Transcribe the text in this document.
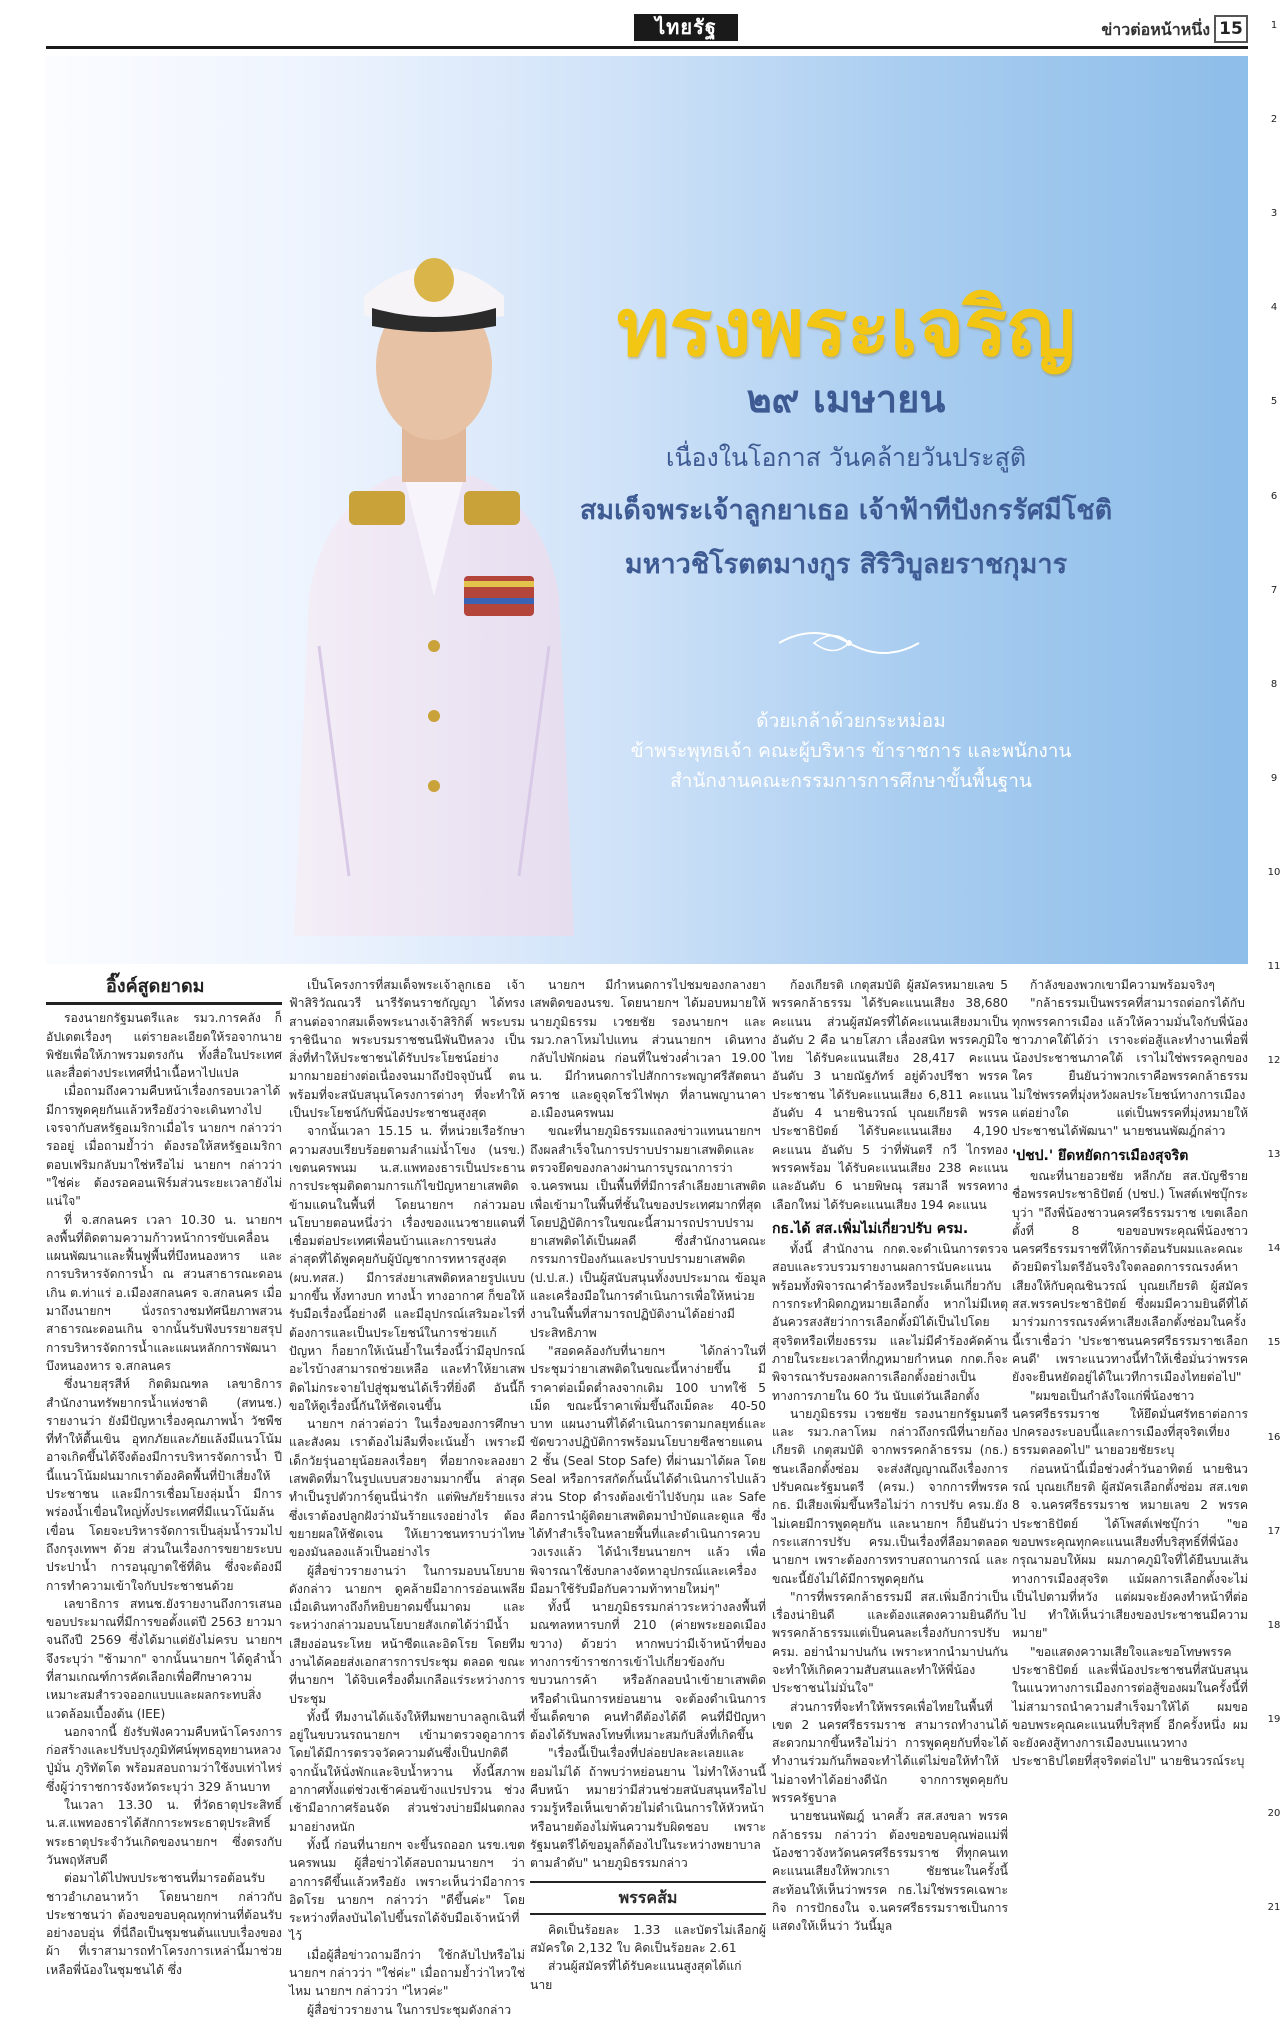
ไทยรัฐ	ข่าวต่อหน้าหนึ่ง 15	1
2
3
4
5
6
7
8
9
10
11
12
13
14
15
16
17
18
19
20
21
ทรงพระเจริญ
๒๙ เมษายน
เนื่องในโอกาส วันคล้ายวันประสูติ
สมเด็จพระเจ้าลูกยาเธอ เจ้าฟ้าทีปังกรรัศมีโชติ
มหาวชิโรตตมางกูร สิริวิบูลยราชกุมาร
ด้วยเกล้าด้วยกระหม่อม
ข้าพระพุทธเจ้า คณะผู้บริหาร ข้าราชการ และพนักงาน
สำนักงานคณะกรรมการการศึกษาขั้นพื้นฐาน
อิ๊งค์สูดยาดม

รองนายกรัฐมนตรีและ รมว.การคลัง ก็อัปเดตเรื่องๆ แต่รายละเอียดให้รอจากนายพิชัยเพื่อให้ภาพรวมตรงกัน ทั้งสื่อในประเทศและสื่อต่างประเทศที่นำเนื้อหาไปแปล

เมื่อถามถึงความคืบหน้าเรื่องกรอบเวลาได้มีการพูดคุยกันแล้วหรือยังว่าจะเดินทางไปเจรจากับสหรัฐอเมริกาเมื่อไร นายกฯ กล่าวว่า รออยู่ เมื่อถามย้ำว่า ต้องรอให้สหรัฐอเมริกาตอบเฟริมกลับมาใช่หรือไม่ นายกฯ กล่าวว่า "ใช่ค่ะ ต้องรอคอนเฟิร์มส่วนระยะเวลายังไม่แน่ใจ"

ที่ จ.สกลนคร เวลา 10.30 น. นายกฯ ลงพื้นที่ติดตามความก้าวหน้าการขับเคลื่อนแผนพัฒนาและฟื้นฟูพื้นที่บึงหนองหาร และการบริหารจัดการน้ำ ณ สวนสาธารณะดอนเกิน ต.ท่าแร่ อ.เมืองสกลนคร จ.สกลนคร เมื่อมาถึงนายกฯ นั่งรถรางชมทัศนียภาพสวนสาธารณะดอนเกิน จากนั้นรับฟังบรรยายสรุปการบริหารจัดการน้ำและแผนหลักการพัฒนาบึงหนองหาร จ.สกลนคร

ซึ่งนายสุรสีห์ กิตติมณฑล เลขาธิการสำนักงานทรัพยากรน้ำแห่งชาติ (สทนช.) รายงานว่า ยังมีปัญหาเรื่องคุณภาพน้ำ วัชพืชที่ทำให้ตื้นเขิน อุทกภัยและภัยแล้งมีแนวโน้มอาจเกิดขึ้นได้จึงต้องมีการบริหารจัดการน้ำ ปีนี้แนวโน้มฝนมากเราต้องคิดพื้นที่ป้าเสี่ยงให้ประชาชน และมีการเชื่อมโยงลุ่มน้ำ มีการพร่องน้ำเขื่อนใหญ่ทั้งประเทศที่มีแนวโน้มล้นเขื่อน โดยจะบริหารจัดการเป็นลุ่มน้ำรวมไปถึงกรุงเทพฯ ด้วย ส่วนในเรื่องการขยายระบบประปาน้ำ การอนุญาตใช้ที่ดิน ซึ่งจะต้องมีการทำความเข้าใจกับประชาชนด้วย

เลขาธิการ สทนช.ยังรายงานถึงการเสนอขอบประมาณที่มีการขอตั้งแต่ปี 2563 ยาวมาจนถึงปี 2569 ซึ่งได้มาแต่ยังไม่ครบ นายกฯ จึงระบุว่า "ช้ามาก" จากนั้นนายกฯ ได้ดูลำน้ำที่สามเกณฑ์การคัดเลือกเพื่อศึกษาความเหมาะสมสำรวจออกแบบและผลกระทบสิ่งแวดล้อมเบื้องต้น (IEE)

นอกจากนี้ ยังรับฟังความคืบหน้าโครงการก่อสร้างและปรับปรุงภูมิทัศน์พุทธอุทยานหลวงปู่มั่น ภูริทัตโต พร้อมสอบถามว่าใช้งบเท่าไหร่ ซึ่งผู้ว่าราชการจังหวัดระบุว่า 329 ล้านบาท

ในเวลา 13.30 น. ที่วัดธาตุประสิทธิ์ น.ส.แพทองธารได้สักการะพระธาตุประสิทธิ์ พระธาตุประจำวันเกิดของนายกฯ ซึ่งตรงกับวันพฤหัสบดี

ต่อมาได้ไปพบประชาชนที่มารอต้อนรับ ชาวอำเภอนาหว้า โดยนายกฯ กล่าวกับประชาชนว่า ต้องขอขอบคุณทุกท่านที่ต้อนรับอย่างอบอุ่น ที่นี่ถือเป็นชุมชนต้นแบบเรื่องของผ้า ที่เราสามารถทำโครงการเหล่านี้มาช่วยเหลือพี่น้องในชุมชนได้ ซึ่ง

เป็นโครงการที่สมเด็จพระเจ้าลูกเธอ เจ้าฟ้าสิริวัณณวรี นารีรัตนราชกัญญา ได้ทรงสานต่อจากสมเด็จพระนางเจ้าสิริกิติ์ พระบรมราชินีนาถ พระบรมราชชนนีพันปีหลวง เป็นสิ่งที่ทำให้ประชาชนได้รับประโยชน์อย่างมากมายอย่างต่อเนื่องจนมาถึงปัจจุบันนี้ ตนพร้อมที่จะสนับสนุนโครงการต่างๆ ที่จะทำให้เป็นประโยชน์กับพี่น้องประชาชนสูงสุด

จากนั้นเวลา 15.15 น. ที่หน่วยเรือรักษาความสงบเรียบร้อยตามลำแม่น้ำโขง (นรข.) เขตนครพนม น.ส.แพทองธารเป็นประธานการประชุมติดตามการแก้ไขปัญหายาเสพติดข้ามแดนในพื้นที่ โดยนายกฯ กล่าวมอบนโยบายตอนหนึ่งว่า เรื่องของแนวชายแดนที่เชื่อมต่อประเทศเพื่อนบ้านและการขนส่ง ล่าสุดที่ได้พูดคุยกับผู้บัญชาการทหารสูงสุด (ผบ.ทสส.) มีการส่งยาเสพติดหลายรูปแบบมากขึ้น ทั้งทางบก ทางน้ำ ทางอากาศ ก็ขอให้รับมือเรื่องนี้อย่างดี และมีอุปกรณ์เสริมอะไรที่ต้องการและเป็นประโยชน์ในการช่วยแก้ปัญหา ก็อยากให้เน้นย้ำในเรื่องนี้ว่ามีอุปกรณ์อะไรบ้างสามารถช่วยเหลือ และทำให้ยาเสพติดไม่กระจายไปสู่ชุมชนได้เร็วที่ยิ่งดี อันนี้ก็ขอให้ดูเรื่องนี้กันให้ชัดเจนขึ้น

นายกฯ กล่าวต่อว่า ในเรื่องของการศึกษาและสังคม เราต้องไม่ลืมที่จะเน้นย้ำ เพราะมีเด็กวัยรุ่นอายุน้อยลงเรื่อยๆ ที่อยากจะลองยาเสพติดที่มาในรูปแบบสวยงามมากขึ้น ล่าสุดทำเป็นรูปตัวการ์ตูนนี่น่ารัก แต่พิษภัยร้ายแรง ซึ่งเราต้องปลูกฝังว่ามันร้ายแรงอย่างไร ต้องขยายผลให้ชัดเจน ให้เยาวชนทราบว่าไทษของมันลองแล้วเป็นอย่างไร

ผู้สื่อข่าวรายงานว่า ในการมอบนโยบายดังกล่าว นายกฯ ดูคล้ายมีอาการอ่อนเพลีย เมื่อเดินทางถึงก็หยิบยาดมขึ้นมาดม และระหว่างกล่าวมอบนโยบายสังเกตได้ว่ามีน้ำเสียงอ่อนระโหย หน้าซีดและอิดโรย โดยทีมงานได้คอยส่งเอกสารการประชุม ตลอด ขณะที่นายกฯ ได้จิบเครื่องดื่มเกลือแร่ระหว่างการประชุม

ทั้งนี้ ทีมงานได้แจ้งให้ทีมพยาบาลลูกเฉินที่อยู่ในขบวนรถนายกฯ เข้ามาตรวจดูอาการ โดยได้มีการตรวจวัดความดันซึ่งเป็นปกติดี จากนั้นให้นั่งพักและจิบน้ำหวาน ทั้งนี้สภาพอากาศทั้งแต่ช่วงเช้าค่อนข้างแปรปรวน ช่วงเช้ามีอากาศร้อนจัด ส่วนช่วงบ่ายมีฝนตกลงมาอย่างหนัก

ทั้งนี้ ก่อนที่นายกฯ จะขึ้นรถออก นรข.เขตนครพนม ผู้สื่อข่าวได้สอบถามนายกฯ ว่าอาการดีขึ้นแล้วหรือยัง เพราะเห็นว่ามีอาการอิดโรย นายกฯ กล่าวว่า "ดีขึ้นค่ะ" โดยระหว่างที่ลงบันไดไปขึ้นรถได้จับมือเจ้าหน้าที่ไว้

เมื่อผู้สื่อข่าวถามอีกว่า ใช้กลับไปหรือไม่ นายกฯ กล่าวว่า "ใช่ค่ะ" เมื่อถามย้ำว่าไหวใช่ไหม นายกฯ กล่าวว่า "ไหวค่ะ"

ผู้สื่อข่าวรายงาน ในการประชุมดังกล่าว

นายกฯ มีกำหนดการไปชมของกลางยาเสพติดของนรข. โดยนายกฯ ได้มอบหมายให้นายภูมิธรรม เวชยชัย รองนายกฯ และ รมว.กลาโหมไปแทน ส่วนนายกฯ เดินทางกลับไปพักผ่อน ก่อนที่ในช่วงค่ำเวลา 19.00 น. มีกำหนดการไปสักการะพญาศรีสัตตนาคราช และดูจุดโชว์ไฟพุภ ที่ลานพญานาคา อ.เมืองนครพนม

ขณะที่นายภูมิธรรมแถลงข่าวแทนนายกฯ ถึงผลสำเร็จในการปราบปรามยาเสพติดและตรวจยึดของกลางผ่านการบูรณาการว่า จ.นครพนม เป็นพื้นที่ที่มีการลำเลียงยาเสพติดเพื่อเข้ามาในพื้นที่ชั้นในของประเทศมากที่สุด โดยปฏิบัติการในขณะนี้สามารถปราบปรามยาเสพติดได้เป็นผลดี ซึ่งสำนักงานคณะกรรมการป้องกันและปราบปรามยาเสพติด (ป.ป.ส.) เป็นผู้สนับสนุนทั้งงบประมาณ ข้อมูลและเครื่องมือในการดำเนินการเพื่อให้หน่วยงานในพื้นที่สามารถปฏิบัติงานได้อย่างมีประสิทธิภาพ

"สอดคล้องกับที่นายกฯ ได้กล่าวในที่ประชุมว่ายาเสพติดในขณะนี้หาง่ายขึ้น มีราคาต่อเม็ดต่ำลงจากเดิม 100 บาทใช้ 5 เม็ด ขณะนี้ราคาเพิ่มขึ้นถึงเม็ดละ 40-50 บาท แผนงานที่ได้ดำเนินการตามกลยุทธ์และขัดขวางปฏิบัติการพร้อมนโยบายซีลชายแดน 2 ชั้น (Seal Stop Safe) ที่ผ่านมาได้ผล โดย Seal หรือการสกัดกั้นนั้นได้ดำเนินการไปแล้ว ส่วน Stop ดำรงต้องเข้าไปจับกุม และ Safe คือการนำผู้ติดยาเสพติดมาบำบัดและดูแล ซึ่งได้ทำสำเร็จในหลายพื้นที่และดำเนินการควบวงเรงแล้ว ได้นำเรียนนายกฯ แล้ว เพื่อพิจารณาใช้งบกลางจัดหาอุปกรณ์และเครื่องมือมาใช้รับมือกับความท้าทายใหม่ๆ"

ทั้งนี้ นายภูมิธรรมกล่าวระหว่างลงพื้นที่มณฑลทหารบกที่ 210 (ค่ายพระยอดเมืองขวาง) ด้วยว่า หากพบว่ามีเจ้าหน้าที่ของทางการข้าราชการเข้าไปเกี่ยวข้องกับขบวนการค้า หรือลักลอบนำเข้ายาเสพติด หรือดำเนินการหย่อนยาน จะต้องดำเนินการขั้นเด็ดขาด คนทำดีต้องได้ดี คนที่มีปัญหาต้องได้รับพลงโทษที่เหมาะสมกับสิ่งที่เกิดขึ้น

"เรื่องนี้เป็นเรื่องที่ปล่อยปละละเลยและยอมไม่ได้ ถ้าพบว่าหย่อนยาน ไม่ทำให้งานนี้คืบหน้า หมายว่ามีส่วนช่วยสนับสนุนหรือไปรวมรู้หรือเห็นเขาด้วยไม่ดำเนินการให้หัวหน้าหรือนายต้องไม่พ้นความรับผิดชอบ เพราะรัฐมนตรีได้ขอมูลก็ต้องไปในระหว่างพยาบาลตามลำดับ" นายภูมิธรรมกล่าว

พรรคส้ม

คิดเป็นร้อยละ 1.33 และบัตรไม่เลือกผู้สมัครใด 2,132 ใบ คิดเป็นร้อยละ 2.61

ส่วนผู้สมัครที่ได้รับคะแนนสูงสุดได้แก่ นาย

ก้องเกียรติ เกตุสมบัติ ผู้สมัครหมายเลข 5 พรรคกล้าธรรม ได้รับคะแนนเสียง 38,680 คะแนน ส่วนผู้สมัครที่ได้คะแนนเสียงมาเป็นอันดับ 2 คือ นายโสภา เลื่องสนิท พรรคภูมิใจไทย ได้รับคะแนนเสียง 28,417 คะแนน อันดับ 3 นายณัฐภัทร์ อยู่ด้วงปรีชา พรรคประชาชน ได้รับคะแนนเสียง 6,811 คะแนน อันดับ 4 นายชินวรณ์ บุณยเกียรติ พรรคประชาธิปัตย์ ได้รับคะแนนเสียง 4,190 คะแนน อันดับ 5 ว่าที่พันตรี กวี ไกรทอง พรรคพร้อม ได้รับคะแนนเสียง 238 คะแนน และอันดับ 6 นายพิษณุ รสมาลี พรรคทางเลือกใหม่ ได้รับคะแนนเสียง 194 คะแนน

กธ.ได้ สส.เพิ่มไม่เกี่ยวปรับ ครม.

ทั้งนี้ สำนักงาน กกต.จะดำเนินการตรวจสอบและรวบรวมรายงานผลการนับคะแนน พร้อมทั้งพิจารณาคำร้องหรือประเด็นเกี่ยวกับการกระทำผิดกฎหมายเลือกตั้ง หากไม่มีเหตุอันควรสงสัยว่าการเลือกตั้งมิได้เป็นไปโดยสุจริตหรือเที่ยงธรรม และไม่มีคำร้องคัดค้านภายในระยะเวลาที่กฎหมายกำหนด กกต.ก็จะพิจารณารับรองผลการเลือกตั้งอย่างเป็นทางการภายใน 60 วัน นับแต่วันเลือกตั้ง

นายภูมิธรรม เวชยชัย รองนายกรัฐมนตรีและ รมว.กลาโหม กล่าวถึงกรณีที่นายก้องเกียรติ เกตุสมบัติ จากพรรคกล้าธรรม (กธ.) ชนะเลือกตั้งซ่อม จะส่งสัญญาณถึงเรื่องการปรับคณะรัฐมนตรี (ครม.) จากการที่พรรค กธ. มีเสียงเพิ่มขึ้นหรือไม่ว่า การปรับ ครม.ยังไม่เคยมีการพูดคุยกัน และนายกฯ ก็ยืนยันว่ากระแสการปรับ ครม.เป็นเรื่องที่ลือมาตลอด นายกฯ เพราะต้องการทราบสถานการณ์ และขณะนี้ยังไม่ได้มีการพูดคุยกัน

"การที่พรรคกล้าธรรมมี สส.เพิ่มอีกว่าเป็นเรื่องน่ายินดี และต้องแสดงความยินดีกับพรรคกล้าธรรมแต่เป็นคนละเรื่องกับการปรับ ครม. อย่านำมาปนกัน เพราะหากนำมาปนกันจะทำให้เกิดความสับสนและทำให้พี่น้องประชาชนไม่มั่นใจ"

ส่วนการที่จะทำให้พรรคเพื่อไทยในพื้นที่เขต 2 นครศรีธรรมราช สามารถทำงานได้สะดวกมากขึ้นหรือไม่ว่า การพูดคุยกับที่จะได้ทำงานร่วมกันก็พอจะทำได้แต่ไม่ขอให้ทำให้ไม่อาจทำได้อย่างดีนัก จากการพูดคุยกับพรรครัฐบาล

นายชนนพัฒฎ์ นาคสั้ว สส.สงขลา พรรคกล้าธรรม กล่าวว่า ต้องขอขอบคุณพ่อแม่พี่น้องชาวจังหวัดนครศรีธรรมราช ที่ทุกคนเทคะแนนเสียงให้พวกเรา ชัยชนะในครั้งนี้สะท้อนให้เห็นว่าพรรค กธ.ไม่ใช่พรรคเฉพาะกิจ การปักธงใน จ.นครศรีธรรมราชเป็นการแสดงให้เห็นว่า วันนี้มูล

ก้าลังของพวกเขามีความพร้อมจริงๆ

"กล้าธรรมเป็นพรรคที่สามารถต่อกรได้กับทุกพรรคการเมือง แล้วให้ความมั่นใจกับพี่น้องชาวภาคใต้ได้ว่า เราจะต่อสู้และทำงานเพื่อพี่น้องประชาชนภาคใต้ เราไม่ใช่พรรคลูกของใคร ยืนยันว่าพวกเราคือพรรคกล้าธรรม ไม่ใช่พรรคที่มุ่งหวังผลประโยชน์ทางการเมืองแต่อย่างใด แต่เป็นพรรคที่มุ่งหมายให้ประชาชนได้พัฒนา" นายชนนพัฒฎ์กล่าว

'ปชป.' ยึดหยัดการเมืองสุจริต

ขณะที่นายอวยชัย หลีกภัย สส.บัญชีรายชื่อพรรคประชาธิปัตย์ (ปชป.) โพสต์เฟซบุ๊กระบุว่า "ถึงพี่น้องชาวนครศรีธรรมราช เขตเลือกตั้งที่ 8 ขอขอบพระคุณพี่น้องชาวนครศรีธรรมราชที่ให้การต้อนรับผมและคณะ ด้วยมิตรไมตรีอันจริงใจตลอดการรณรงค์หาเสียงให้กับคุณชินวรณ์ บุณยเกียรติ ผู้สมัคร สส.พรรคประชาธิปัตย์ ซึ่งผมมีความยินดีที่ได้มาร่วมการรณรงค์หาเสียงเลือกตั้งซ่อมในครั้งนี้เราเชื่อว่า 'ประชาชนนครศรีธรรมราชเลือกคนดี' เพราะแนวทางนี้ทำให้เชื่อมั่นว่าพรรคยังจะยืนหยัดอยู่ได้ในเวทีการเมืองไทยต่อไป"

"ผมขอเป็นกำลังใจแก่พี่น้องชาวนครศรีธรรมราช ให้ยึดมั่นศรัทธาต่อการปกครองระบอบนี้และการเมืองที่สุจริตเที่ยงธรรมตลอดไป" นายอวยชัยระบุ

ก่อนหน้านี้เมื่อช่วงค่ำวันอาทิตย์ นายชินวรณ์ บุณยเกียรติ ผู้สมัครเลือกตั้งซ่อม สส.เขต 8 จ.นครศรีธรรมราช หมายเลข 2 พรรคประชาธิปัตย์ ได้โพสต์เฟซบุ๊กว่า "ขอขอบพระคุณทุกคะแนนเสียงที่บริสุทธิ์ที่พี่น้องกรุณามอบให้ผม ผมภาคภูมิใจที่ได้ยืนบนเส้นทางการเมืองสุจริต แม้ผลการเลือกตั้งจะไม่เป็นไปตามที่หวัง แต่ผมจะยังคงทำหน้าที่ต่อไป ทำให้เห็นว่าเสียงของประชาชนมีความหมาย"

"ขอแสดงความเสียใจและขอโทษพรรคประชาธิปัตย์ และพี่น้องประชาชนที่สนับสนุนในแนวทางการเมืองการต่อสู้ของผมในครั้งนี้ที่ไม่สามารถนำความสำเร็จมาให้ได้ ผมขอขอบพระคุณคะแนนที่บริสุทธิ์ อีกครั้งหนึ่ง ผมจะยังคงสู้ทางการเมืองบนแนวทางประชาธิปไตยที่สุจริตต่อไป" นายชินวรณ์ระบุ
